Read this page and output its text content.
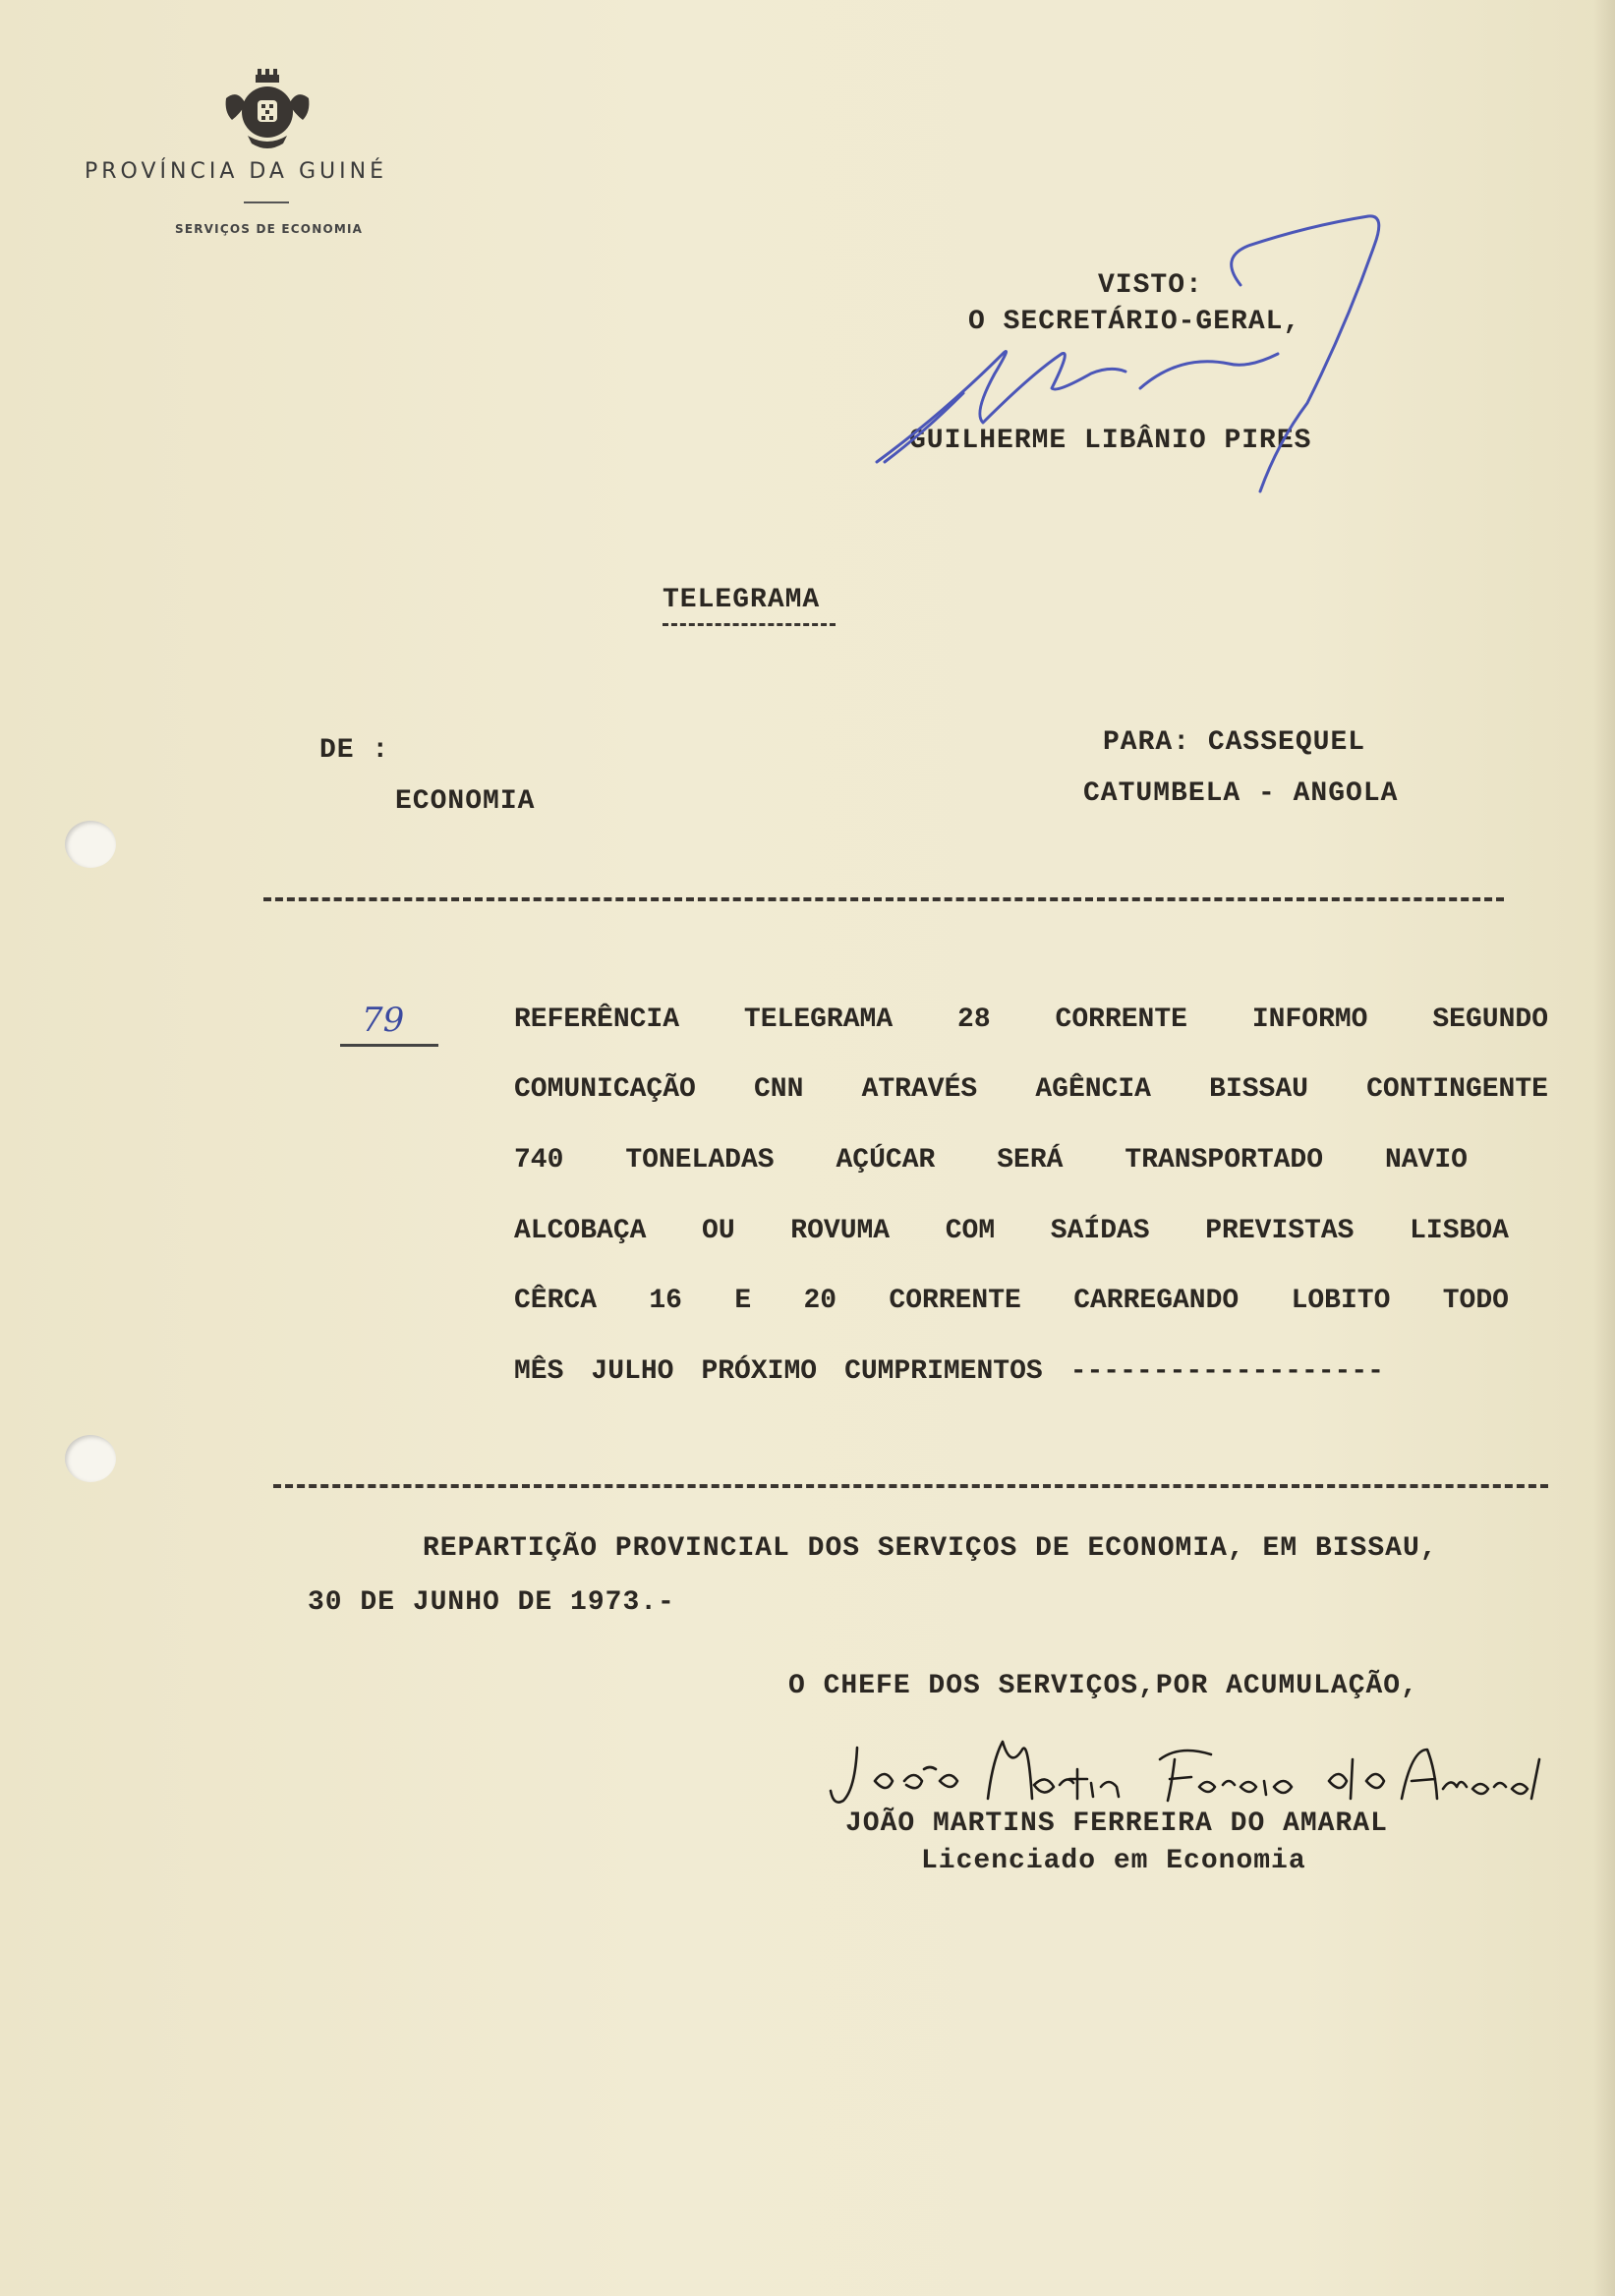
PROVÍNCIA DA GUINÉ
SERVIÇOS DE ECONOMIA
VISTO:
O SECRETÁRIO-GERAL,
GUILHERME LIBÂNIO PIRES
TELEGRAMA
DE :
ECONOMIA
PARA: CASSEQUEL
CATUMBELA - ANGOLA
79	REFERÊNCIA TELEGRAMA 28 CORRENTE INFORMO SEGUNDO
COMUNICAÇÃO CNN ATRAVÉS AGÊNCIA BISSAU CONTINGENTE
740 TONELADAS AÇÚCAR SERÁ TRANSPORTADO NAVIO
ALCOBAÇA OU ROVUMA COM SAÍDAS PREVISTAS LISBOA
CÊRCA 16 E 20 CORRENTE CARREGANDO LOBITO TODO
MÊS JULHO PRÓXIMO CUMPRIMENTOS -------------------
REPARTIÇÃO PROVINCIAL DOS SERVIÇOS DE ECONOMIA, EM BISSAU,
30 DE JUNHO DE 1973.-
O CHEFE DOS SERVIÇOS,POR ACUMULAÇÃO,
JOÃO MARTINS FERREIRA DO AMARAL
Licenciado em Economia
